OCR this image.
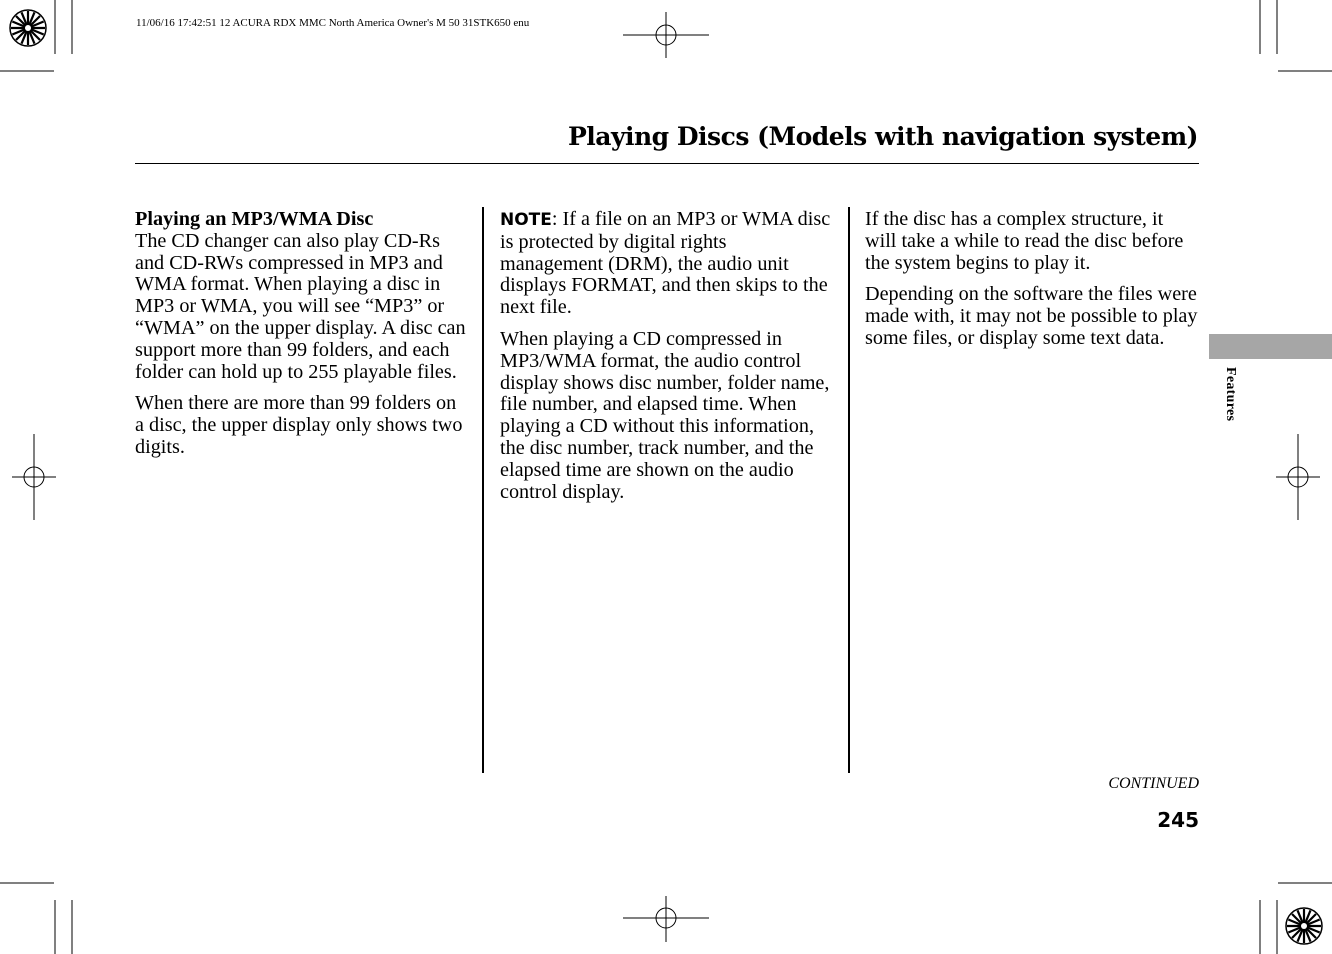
11/06/16 17:42:51 12 ACURA RDX MMC North America Owner's M 50 31STK650 enu
Playing Discs (Models with navigation system)

Playing an MP3/WMA Disc
The CD changer can also play CD-Rs and CD-RWs compressed in MP3 and WMA format. When playing a disc in MP3 or WMA, you will see “MP3” or “WMA” on the upper display. A disc can support more than 99 folders, and each folder can hold up to 255 playable files.

When there are more than 99 folders on a disc, the upper display only shows two digits.

NOTE: If a file on an MP3 or WMA disc is protected by digital rights management (DRM), the audio unit displays FORMAT, and then skips to the next file.

When playing a CD compressed in MP3/WMA format, the audio control display shows disc number, folder name, file number, and elapsed time. When playing a CD without this information, the disc number, track number, and the elapsed time are shown on the audio control display.

If the disc has a complex structure, it will take a while to read the disc before the system begins to play it.

Depending on the software the files were made with, it may not be possible to play some files, or display some text data.

Features
CONTINUED
245
